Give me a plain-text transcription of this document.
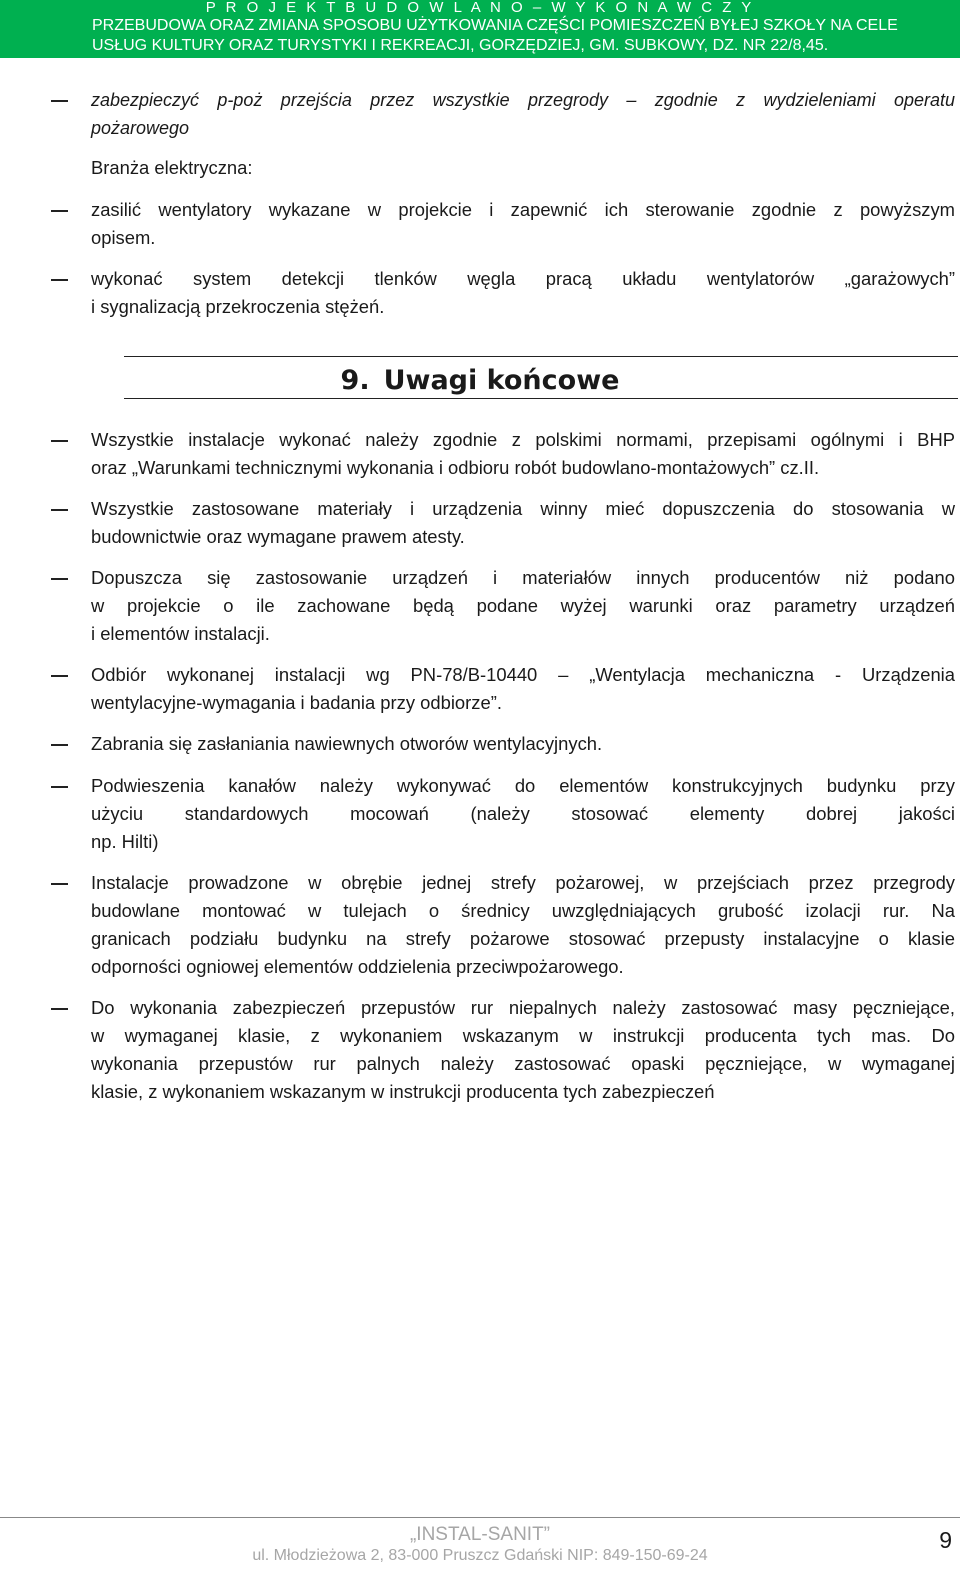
P R O J E K T B U D O W L A N O – W Y K O N A W C Z Y
PRZEBUDOWA ORAZ ZMIANA SPOSOBU UŻYTKOWANIA CZĘŚCI POMIESZCZEŃ BYŁEJ SZKOŁY NA CELE
USŁUG KULTURY ORAZ TURYSTYKI I REKREACJI, GORZĘDZIEJ, GM. SUBKOWY, DZ. NR 22/8,45.
zabezpieczyć p-poż przejścia przez wszystkie przegrody – zgodnie z wydzieleniami operatu
pożarowego
Branża elektryczna:
zasilić wentylatory wykazane w projekcie i zapewnić ich sterowanie zgodnie z powyższym
opisem.
wykonać system detekcji tlenków węgla pracą układu wentylatorów „garażowych”
i sygnalizacją przekroczenia stężeń.
9. Uwagi końcowe
Wszystkie instalacje wykonać należy zgodnie z polskimi normami, przepisami ogólnymi i BHP
oraz „Warunkami technicznymi wykonania i odbioru robót budowlano-montażowych” cz.II.
Wszystkie zastosowane materiały i urządzenia winny mieć dopuszczenia do stosowania w
budownictwie oraz wymagane prawem atesty.
Dopuszcza się zastosowanie urządzeń i materiałów innych producentów niż podano
w projekcie o ile zachowane będą podane wyżej warunki oraz parametry urządzeń
i elementów instalacji.
Odbiór wykonanej instalacji wg PN-78/B-10440 – „Wentylacja mechaniczna - Urządzenia
wentylacyjne-wymagania i badania przy odbiorze”.
Zabrania się zasłaniania nawiewnych otworów wentylacyjnych.
Podwieszenia kanałów należy wykonywać do elementów konstrukcyjnych budynku przy
użyciu standardowych mocowań (należy stosować elementy dobrej jakości
np. Hilti)
Instalacje prowadzone w obrębie jednej strefy pożarowej, w przejściach przez przegrody
budowlane montować w tulejach o średnicy uwzględniających grubość izolacji rur. Na
granicach podziału budynku na strefy pożarowe stosować przepusty instalacyjne o klasie
odporności ogniowej elementów oddzielenia przeciwpożarowego.
Do wykonania zabezpieczeń przepustów rur niepalnych należy zastosować masy pęczniejące,
w wymaganej klasie, z wykonaniem wskazanym w instrukcji producenta tych mas. Do
wykonania przepustów rur palnych należy zastosować opaski pęczniejące, w wymaganej
klasie, z wykonaniem wskazanym w instrukcji producenta tych zabezpieczeń
„INSTAL-SANIT”
ul. Młodzieżowa 2, 83-000 Pruszcz Gdański NIP: 849-150-69-24
9
